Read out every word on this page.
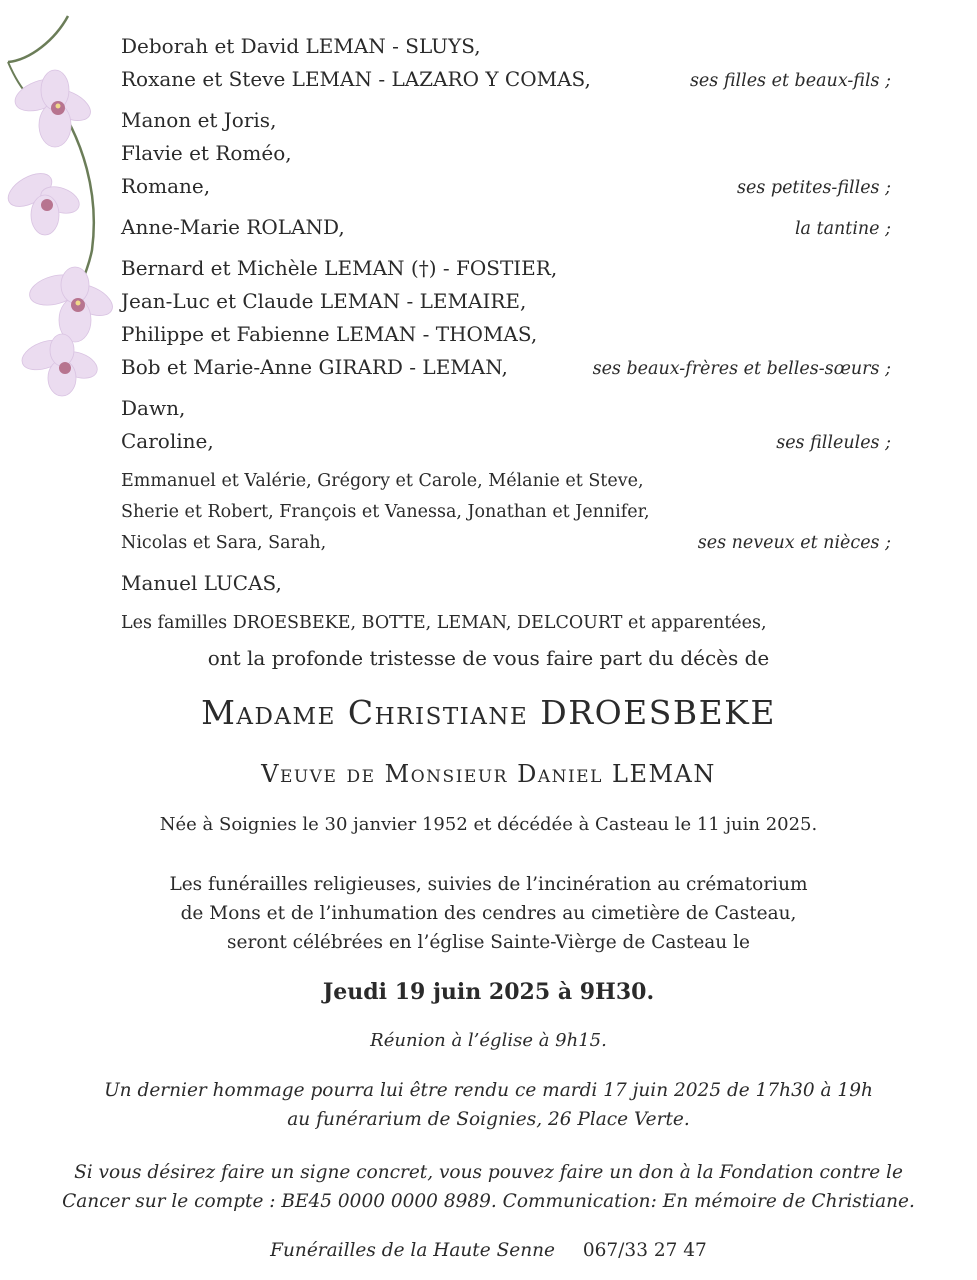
Deborah et David LEMAN - SLUYS,
Roxane et Steve LEMAN - LAZARO Y COMAS,	ses filles et beaux-fils ;
Manon et Joris,
Flavie et Roméo,
Romane,	ses petites-filles ;
Anne-Marie ROLAND,	la tantine ;
Bernard et Michèle LEMAN (†) - FOSTIER,
Jean-Luc et Claude LEMAN - LEMAIRE,
Philippe et Fabienne LEMAN - THOMAS,
Bob et Marie-Anne GIRARD - LEMAN,	ses beaux-frères et belles-sœurs ;
Dawn,
Caroline,	ses filleules ;
Emmanuel et Valérie, Grégory et Carole, Mélanie et Steve,
Sherie et Robert, François et Vanessa, Jonathan et Jennifer,
Nicolas et Sara, Sarah,	ses neveux et nièces ;
Manuel LUCAS,
Les familles DROESBEKE, BOTTE, LEMAN, DELCOURT et apparentées,
ont la profonde tristesse de vous faire part du décès de
Madame Christiane DROESBEKE
Veuve de Monsieur Daniel LEMAN
Née à Soignies le 30 janvier 1952 et décédée à Casteau le 11 juin 2025.
Les funérailles religieuses, suivies de l’incinération au crématorium
de Mons et de l’inhumation des cendres au cimetière de Casteau,
seront célébrées en l’église Sainte-Vièrge de Casteau le
Jeudi 19 juin 2025 à 9H30.
Réunion à l’église à 9h15.
Un dernier hommage pourra lui être rendu ce mardi 17 juin 2025 de 17h30 à 19h
au funérarium de Soignies, 26 Place Verte.
Si vous désirez faire un signe concret, vous pouvez faire un don à la Fondation contre le
Cancer sur le compte : BE45 0000 0000 8989. Communication: En mémoire de Christiane.
Funérailles de la Haute Senne 067/33 27 47
